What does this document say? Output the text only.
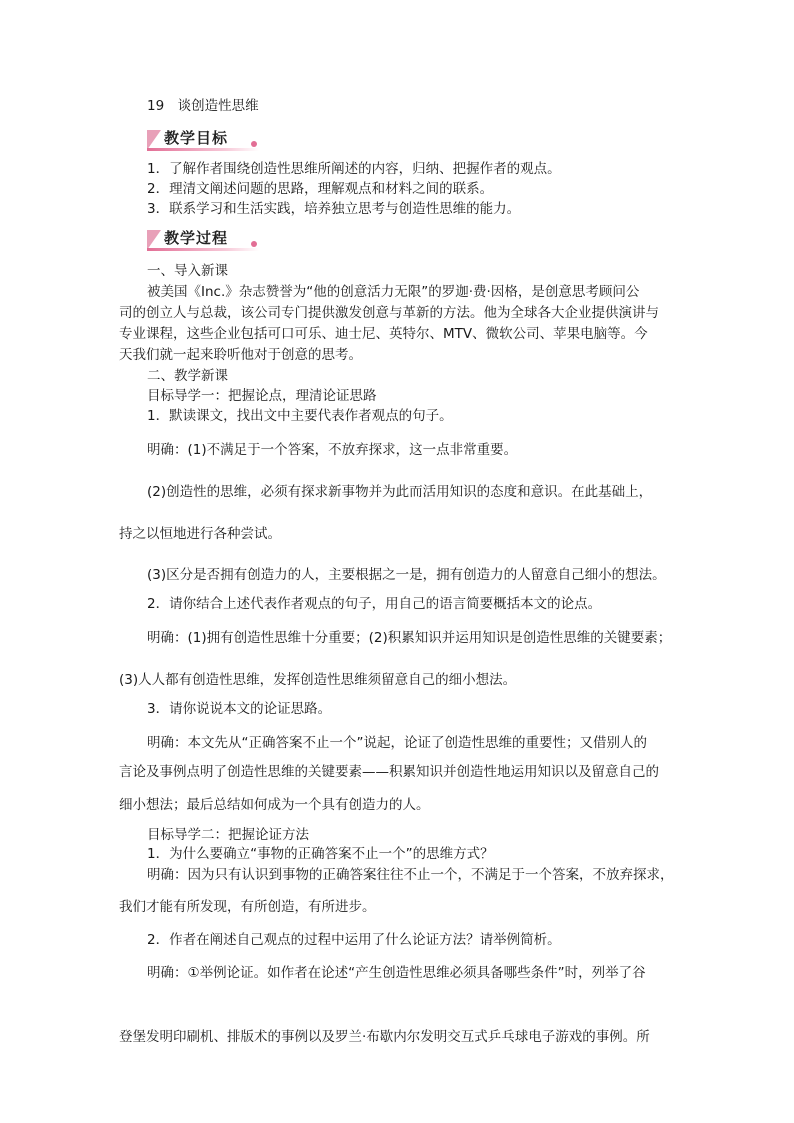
19　谈创造性思维
教学目标
1．了解作者围绕创造性思维所阐述的内容，归纳、把握作者的观点。
2．理清文阐述问题的思路，理解观点和材料之间的联系。
3．联系学习和生活实践，培养独立思考与创造性思维的能力。
教学过程
一、导入新课
被美国《Inc.》杂志赞誉为“他的创意活力无限”的罗迦·费·因格，是创意思考顾问公
司的创立人与总裁，该公司专门提供激发创意与革新的方法。他为全球各大企业提供演讲与
专业课程，这些企业包括可口可乐、迪士尼、英特尔、MTV、微软公司、苹果电脑等。今
天我们就一起来聆听他对于创意的思考。
二、教学新课
目标导学一：把握论点，理清论证思路
1．默读课文，找出文中主要代表作者观点的句子。
明确：(1)不满足于一个答案，不放弃探求，这一点非常重要。
(2)创造性的思维，必须有探求新事物并为此而活用知识的态度和意识。在此基础上，
持之以恒地进行各种尝试。
(3)区分是否拥有创造力的人，主要根据之一是，拥有创造力的人留意自己细小的想法。
2．请你结合上述代表作者观点的句子，用自己的语言简要概括本文的论点。
明确：(1)拥有创造性思维十分重要；(2)积累知识并运用知识是创造性思维的关键要素；
(3)人人都有创造性思维，发挥创造性思维须留意自己的细小想法。
3．请你说说本文的论证思路。
明确：本文先从“正确答案不止一个”说起，论证了创造性思维的重要性；又借别人的
言论及事例点明了创造性思维的关键要素——积累知识并创造性地运用知识以及留意自己的
细小想法；最后总结如何成为一个具有创造力的人。
目标导学二：把握论证方法
1．为什么要确立“事物的正确答案不止一个”的思维方式？
明确：因为只有认识到事物的正确答案往往不止一个，不满足于一个答案，不放弃探求，
我们才能有所发现，有所创造，有所进步。
2．作者在阐述自己观点的过程中运用了什么论证方法？请举例简析。
明确：①举例论证。如作者在论述“产生创造性思维必须具备哪些条件”时，列举了谷
登堡发明印刷机、排版术的事例以及罗兰·布歇内尔发明交互式乒乓球电子游戏的事例。所
